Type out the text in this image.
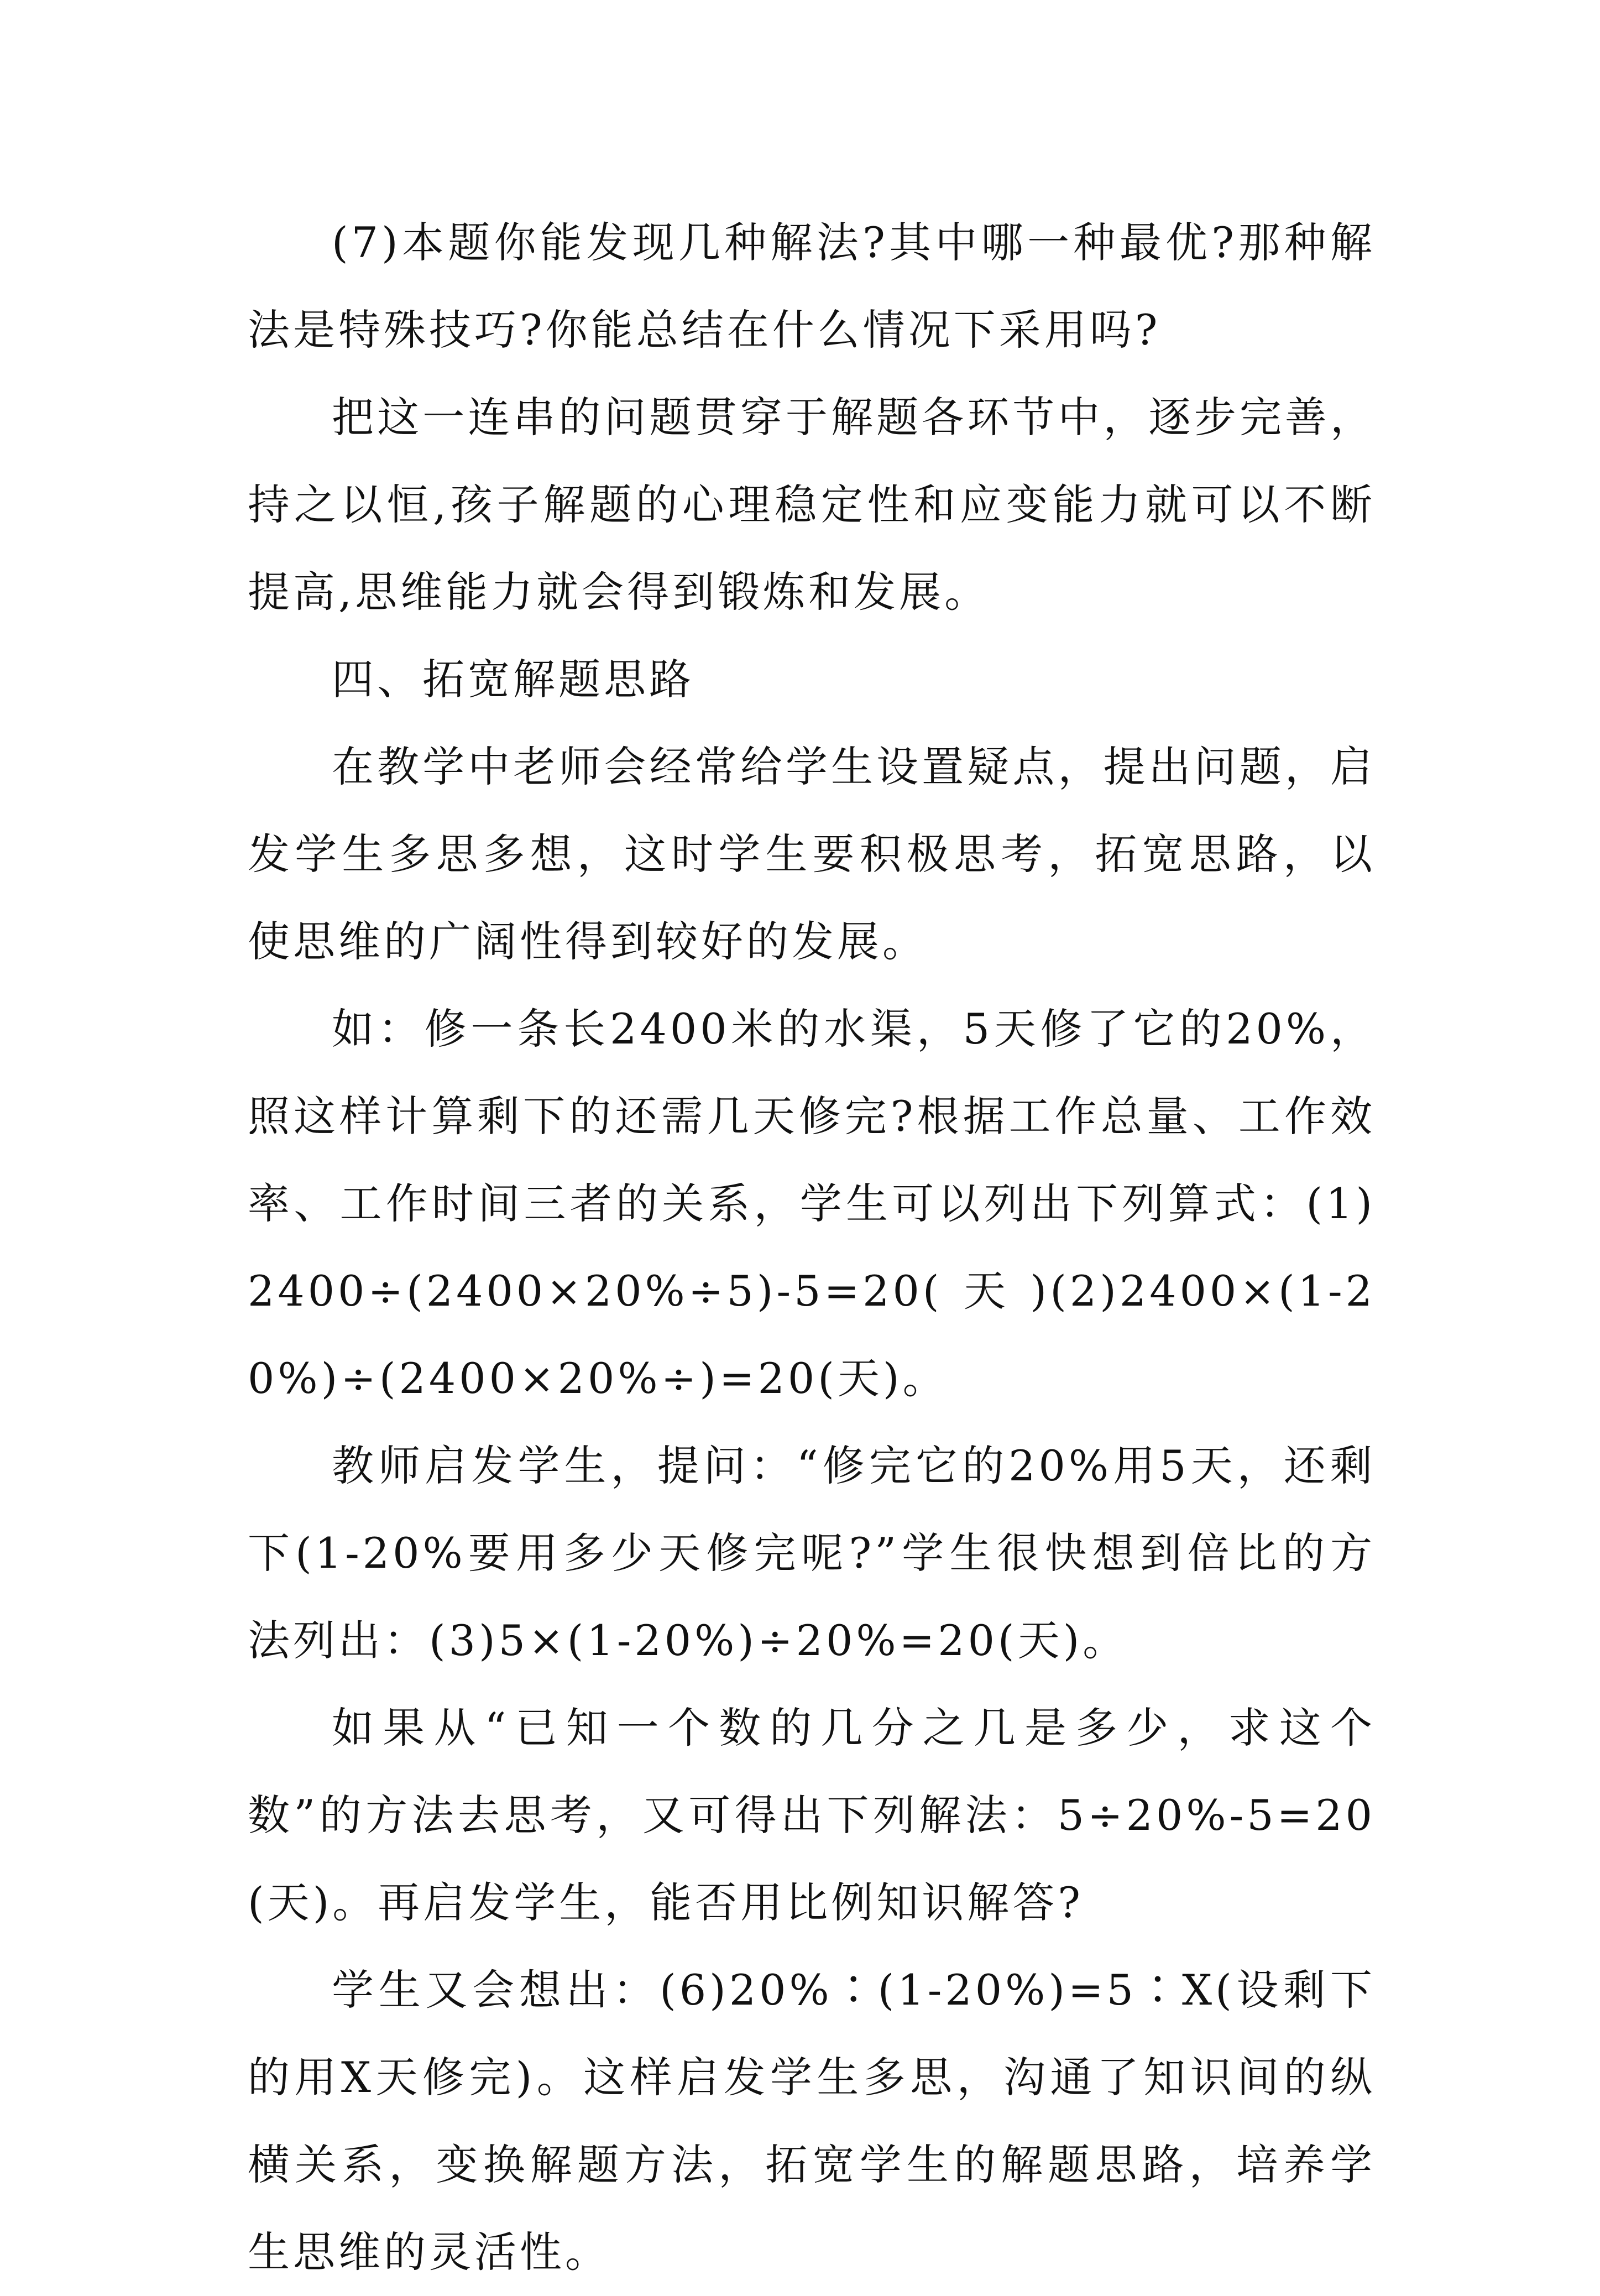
(7)本题你能发现几种解法?其中哪一种最优?那种解法是特殊技巧?你能总结在什么情况下采用吗?

把这一连串的问题贯穿于解题各环节中，逐步完善，持之以恒,孩子解题的心理稳定性和应变能力就可以不断提高,思维能力就会得到锻炼和发展。

四、拓宽解题思路

在教学中老师会经常给学生设置疑点，提出问题，启发学生多思多想，这时学生要积极思考，拓宽思路，以使思维的广阔性得到较好的发展。

如：修一条长2400米的水渠，5天修了它的20%，照这样计算剩下的还需几天修完?根据工作总量、工作效率、工作时间三者的关系，学生可以列出下列算式：(1)2400÷(2400×20%÷5)-5=20(天)(2)2400×(1-20%)÷(2400×20%÷)=20(天)。

教师启发学生，提问：“修完它的20%用5天，还剩下(1-20%要用多少天修完呢?”学生很快想到倍比的方法列出：(3)5×(1-20%)÷20%=20(天)。

如果从“已知一个数的几分之几是多少，求这个数”的方法去思考，又可得出下列解法：5÷20%-5=20(天)。再启发学生，能否用比例知识解答?

学生又会想出：(6)20%∶(1-20%)=5∶X(设剩下的用X天修完)。这样启发学生多思，沟通了知识间的纵横关系，变换解题方法，拓宽学生的解题思路，培养学生思维的灵活性。
